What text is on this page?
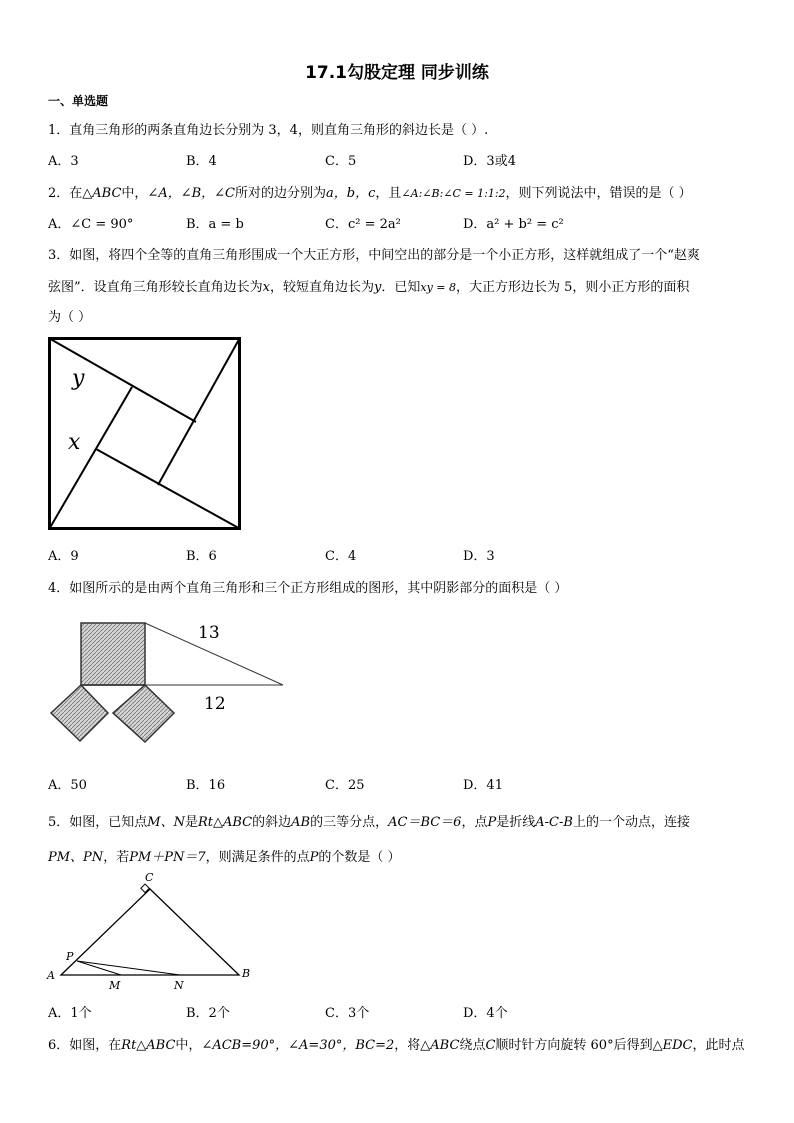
17.1勾股定理 同步训练
一、单选题
1．直角三角形的两条直角边长分别为 3，4，则直角三角形的斜边长是（ ）.
A．3	B．4	C．5	D．3或4
2．在△ABC中，∠A，∠B，∠C所对的边分别为a，b，c，且∠A:∠B:∠C = 1:1:2，则下列说法中，错误的是（ ）
A．∠C = 90°	B．a = b	C．c² = 2a²	D．a² + b² = c²
3．如图，将四个全等的直角三角形围成一个大正方形，中间空出的部分是一个小正方形，这样就组成了一个“赵爽
弦图”．设直角三角形较长直角边长为x，较短直角边长为y．已知xy = 8，大正方形边长为 5，则小正方形的面积
为（ ）
y
x
A．9	B．6	C．4	D．3
4．如图所示的是由两个直角三角形和三个正方形组成的图形，其中阴影部分的面积是（ ）
13
12
A．50	B．16	C．25	D．41
5．如图，已知点M、N是Rt△ABC的斜边AB的三等分点，AC＝BC＝6，点P是折线A-C-B上的一个动点，连接
PM、PN，若PM＋PN＝7，则满足条件的点P的个数是（ ）
C
P
A
M	N
B
A．1个	B．2个	C．3个	D．4个
6．如图，在Rt△ABC中，∠ACB=90°，∠A=30°，BC=2，将△ABC绕点C顺时针方向旋转 60°后得到△EDC，此时点
